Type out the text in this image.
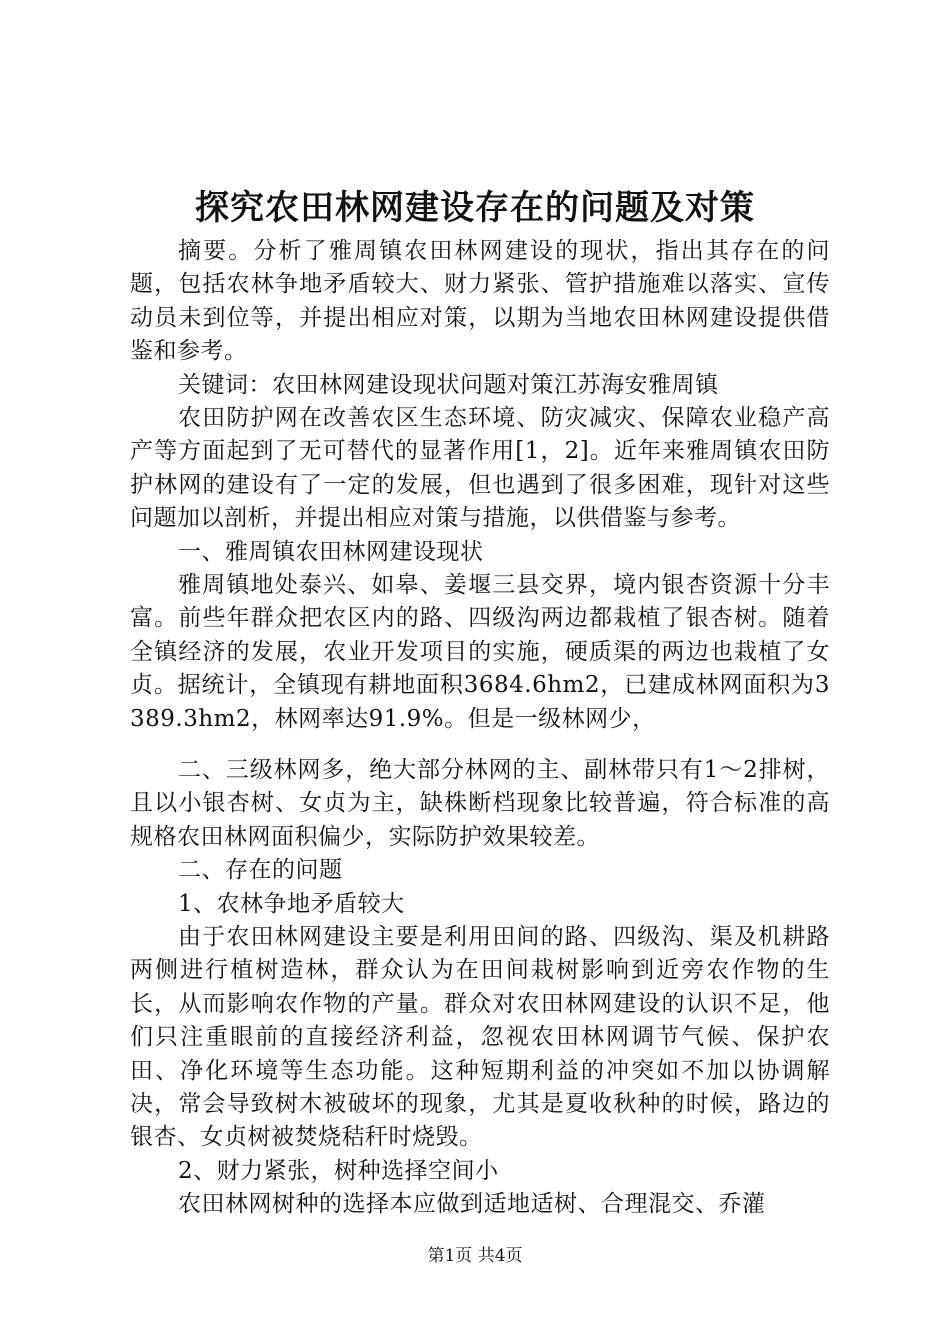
探究农田林网建设存在的问题及对策

摘要。分析了雅周镇农田林网建设的现状，指出其存在的问题，包括农林争地矛盾较大、财力紧张、管护措施难以落实、宣传动员未到位等，并提出相应对策，以期为当地农田林网建设提供借鉴和参考。

关键词：农田林网建设现状问题对策江苏海安雅周镇

农田防护网在改善农区生态环境、防灾减灾、保障农业稳产高产等方面起到了无可替代的显著作用[1，2]。近年来雅周镇农田防护林网的建设有了一定的发展，但也遇到了很多困难，现针对这些问题加以剖析，并提出相应对策与措施，以供借鉴与参考。

一、雅周镇农田林网建设现状

雅周镇地处泰兴、如皋、姜堰三县交界，境内银杏资源十分丰富。前些年群众把农区内的路、四级沟两边都栽植了银杏树。随着全镇经济的发展，农业开发项目的实施，硬质渠的两边也栽植了女贞。据统计，全镇现有耕地面积3684.6hm2，已建成林网面积为3389.3hm2，林网率达91.9%。但是一级林网少，

二、三级林网多，绝大部分林网的主、副林带只有1～2排树，且以小银杏树、女贞为主，缺株断档现象比较普遍，符合标准的高规格农田林网面积偏少，实际防护效果较差。

二、存在的问题

1、农林争地矛盾较大

由于农田林网建设主要是利用田间的路、四级沟、渠及机耕路两侧进行植树造林，群众认为在田间栽树影响到近旁农作物的生长，从而影响农作物的产量。群众对农田林网建设的认识不足，他们只注重眼前的直接经济利益，忽视农田林网调节气候、保护农田、净化环境等生态功能。这种短期利益的冲突如不加以协调解决，常会导致树木被破坏的现象，尤其是夏收秋种的时候，路边的银杏、女贞树被焚烧秸秆时烧毁。

2、财力紧张，树种选择空间小

农田林网树种的选择本应做到适地适树、合理混交、乔灌

第1页 共4页
